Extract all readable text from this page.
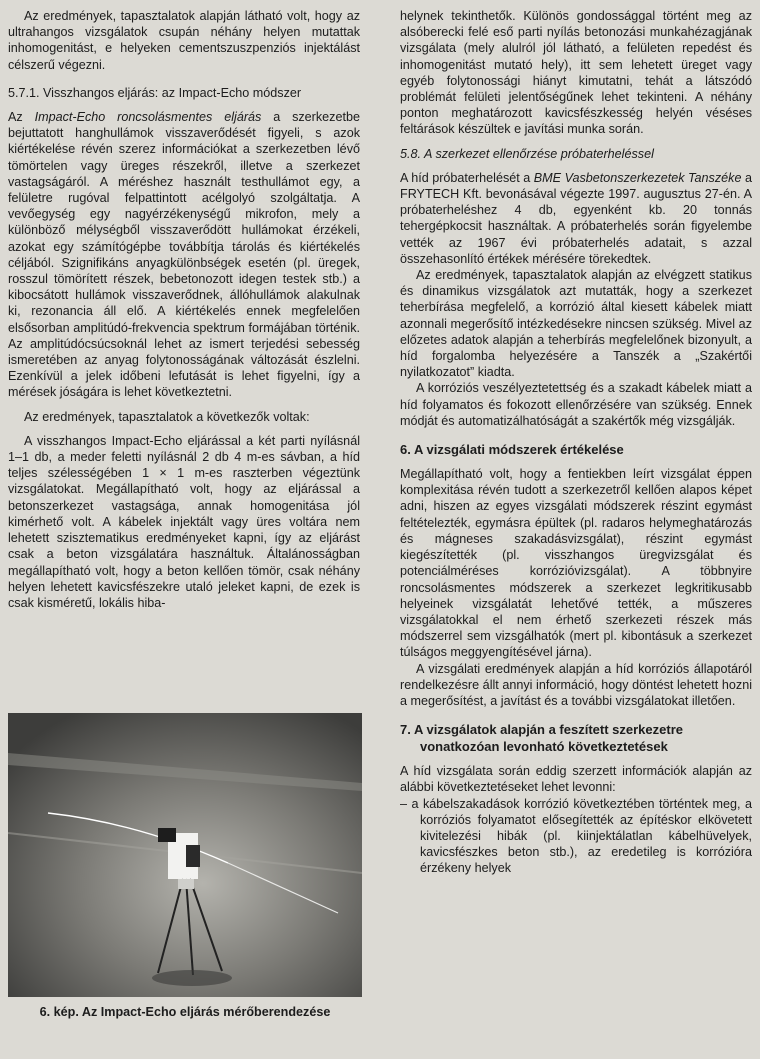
Az eredmények, tapasztalatok alapján látható volt, hogy az ultrahangos vizsgálatok csupán néhány helyen mutattak inhomogenitást, e helyeken cementszuszpenziós injektálást célszerű végezni.

5.7.1. Visszhangos eljárás: az Impact-Echo módszer

Az Impact-Echo roncsolásmentes eljárás a szerkezetbe bejuttatott hanghullámok visszaverődését figyeli, s azok kiértékelése révén szerez információkat a szerkezetben lévő tömörtelen vagy üreges részekről, illetve a szerkezet vastagságáról. A méréshez használt testhullámot egy, a felületre rugóval felpattintott acélgolyó szolgáltatja. A vevőegység egy nagyérzékenységű mikrofon, mely a különböző mélységből visszaverődött hullámokat érzékeli, azokat egy számítógépbe továbbítja tárolás és kiértékelés céljából. Szignifikáns anyagkülönbségek esetén (pl. üregek, rosszul tömörített részek, bebetonozott idegen testek stb.) a kibocsátott hullámok visszaverődnek, állóhullámok alakulnak ki, rezonancia áll elő. A kiértékelés ennek megfelelően elsősorban amplitúdó-frekvencia spektrum formájában történik. Az amplitúdócsúcsoknál lehet az ismert terjedési sebesség ismeretében az anyag folytonosságának változását észlelni. Ezenkívül a jelek időbeni lefutását is lehet figyelni, így a mérések jóságára is lehet következtetni.

Az eredmények, tapasztalatok a következők voltak:

A visszhangos Impact-Echo eljárással a két parti nyílásnál 1–1 db, a meder feletti nyílásnál 2 db 4 m-es sávban, a híd teljes szélességében 1 × 1 m-es raszterben végeztünk vizsgálatokat. Megállapítható volt, hogy az eljárással a betonszerkezet vastagsága, annak homogenitása jól kimérhető volt. A kábelek injektált vagy üres voltára nem lehetett szisztematikus eredményeket kapni, így az eljárást csak a beton vizsgálatára használtuk. Általánosságban megállapítható volt, hogy a beton kellően tömör, csak néhány helyen lehetett kavicsfészekre utaló jeleket kapni, de ezek is csak kisméretű, lokális hiba-

6. kép. Az Impact-Echo eljárás mérőberendezése

helynek tekinthetők. Különös gondossággal történt meg az alsóberecki felé eső parti nyílás betonozási munkahézagjának vizsgálata (mely alulról jól látható, a felületen repedést és inhomogenitást mutató hely), itt sem lehetett üreget vagy egyéb folytonossági hiányt kimutatni, tehát a látszódó problémát felületi jelentőségűnek lehet tekinteni. A néhány ponton meghatározott kavicsfészkesség helyén véséses feltárások készültek e javítási munka során.

5.8. A szerkezet ellenőrzése próbaterheléssel

A híd próbaterhelését a BME Vasbetonszerkezetek Tanszéke a FRYTECH Kft. bevonásával végezte 1997. augusztus 27-én. A próbaterheléshez 4 db, egyenként kb. 20 tonnás tehergépkocsit használtak. A próbaterhelés során figyelembe vették az 1967 évi próbaterhelés adatait, s azzal összehasonlító értékek mérésére törekedtek.

Az eredmények, tapasztalatok alapján az elvégzett statikus és dinamikus vizsgálatok azt mutatták, hogy a szerkezet teherbírása megfelelő, a korrózió által kiesett kábelek miatt azonnali megerősítő intézkedésekre nincsen szükség. Mivel az előzetes adatok alapján a teherbírás megfelelőnek bizonyult, a híd forgalomba helyezésére a Tanszék a „Szakértői nyilatkozatot” kiadta.

A korróziós veszélyeztetettség és a szakadt kábelek miatt a híd folyamatos és fokozott ellenőrzésére van szükség. Ennek módját és automatizálhatóságát a szakértők még vizsgálják.

6. A vizsgálati módszerek értékelése

Megállapítható volt, hogy a fentiekben leírt vizsgálat éppen komplexitása révén tudott a szerkezetről kellően alapos képet adni, hiszen az egyes vizsgálati módszerek részint egymást feltételezték, egymásra épültek (pl. radaros helymeghatározás és mágneses szakadásvizsgálat), részint egymást kiegészítették (pl. visszhangos üregvizsgálat és potenciálméréses korrózióvizsgálat). A többnyire roncsolásmentes módszerek a szerkezet legkritikusabb helyeinek vizsgálatát lehetővé tették, a műszeres vizsgálatokkal el nem érhető szerkezeti részek más módszerrel sem vizsgálhatók (mert pl. kibontásuk a szerkezet túlságos meggyengítésével járna).

A vizsgálati eredmények alapján a híd korróziós állapotáról rendelkezésre állt annyi információ, hogy döntést lehetett hozni a megerősítést, a javítást és a további vizsgálatokat illetően.

7. A vizsgálatok alapján a feszített szerkezetre vonatkozóan levonható következtetések

A híd vizsgálata során eddig szerzett információk alapján az alábbi következtetéseket lehet levonni:

– a kábelszakadások korrózió következtében történtek meg, a korróziós folyamatot elősegítették az építéskor elkövetett kivitelezési hibák (pl. kiinjektálatlan kábelhüvelyek, kavicsfészkes beton stb.), az eredetileg is korrózióra érzékeny helyek
